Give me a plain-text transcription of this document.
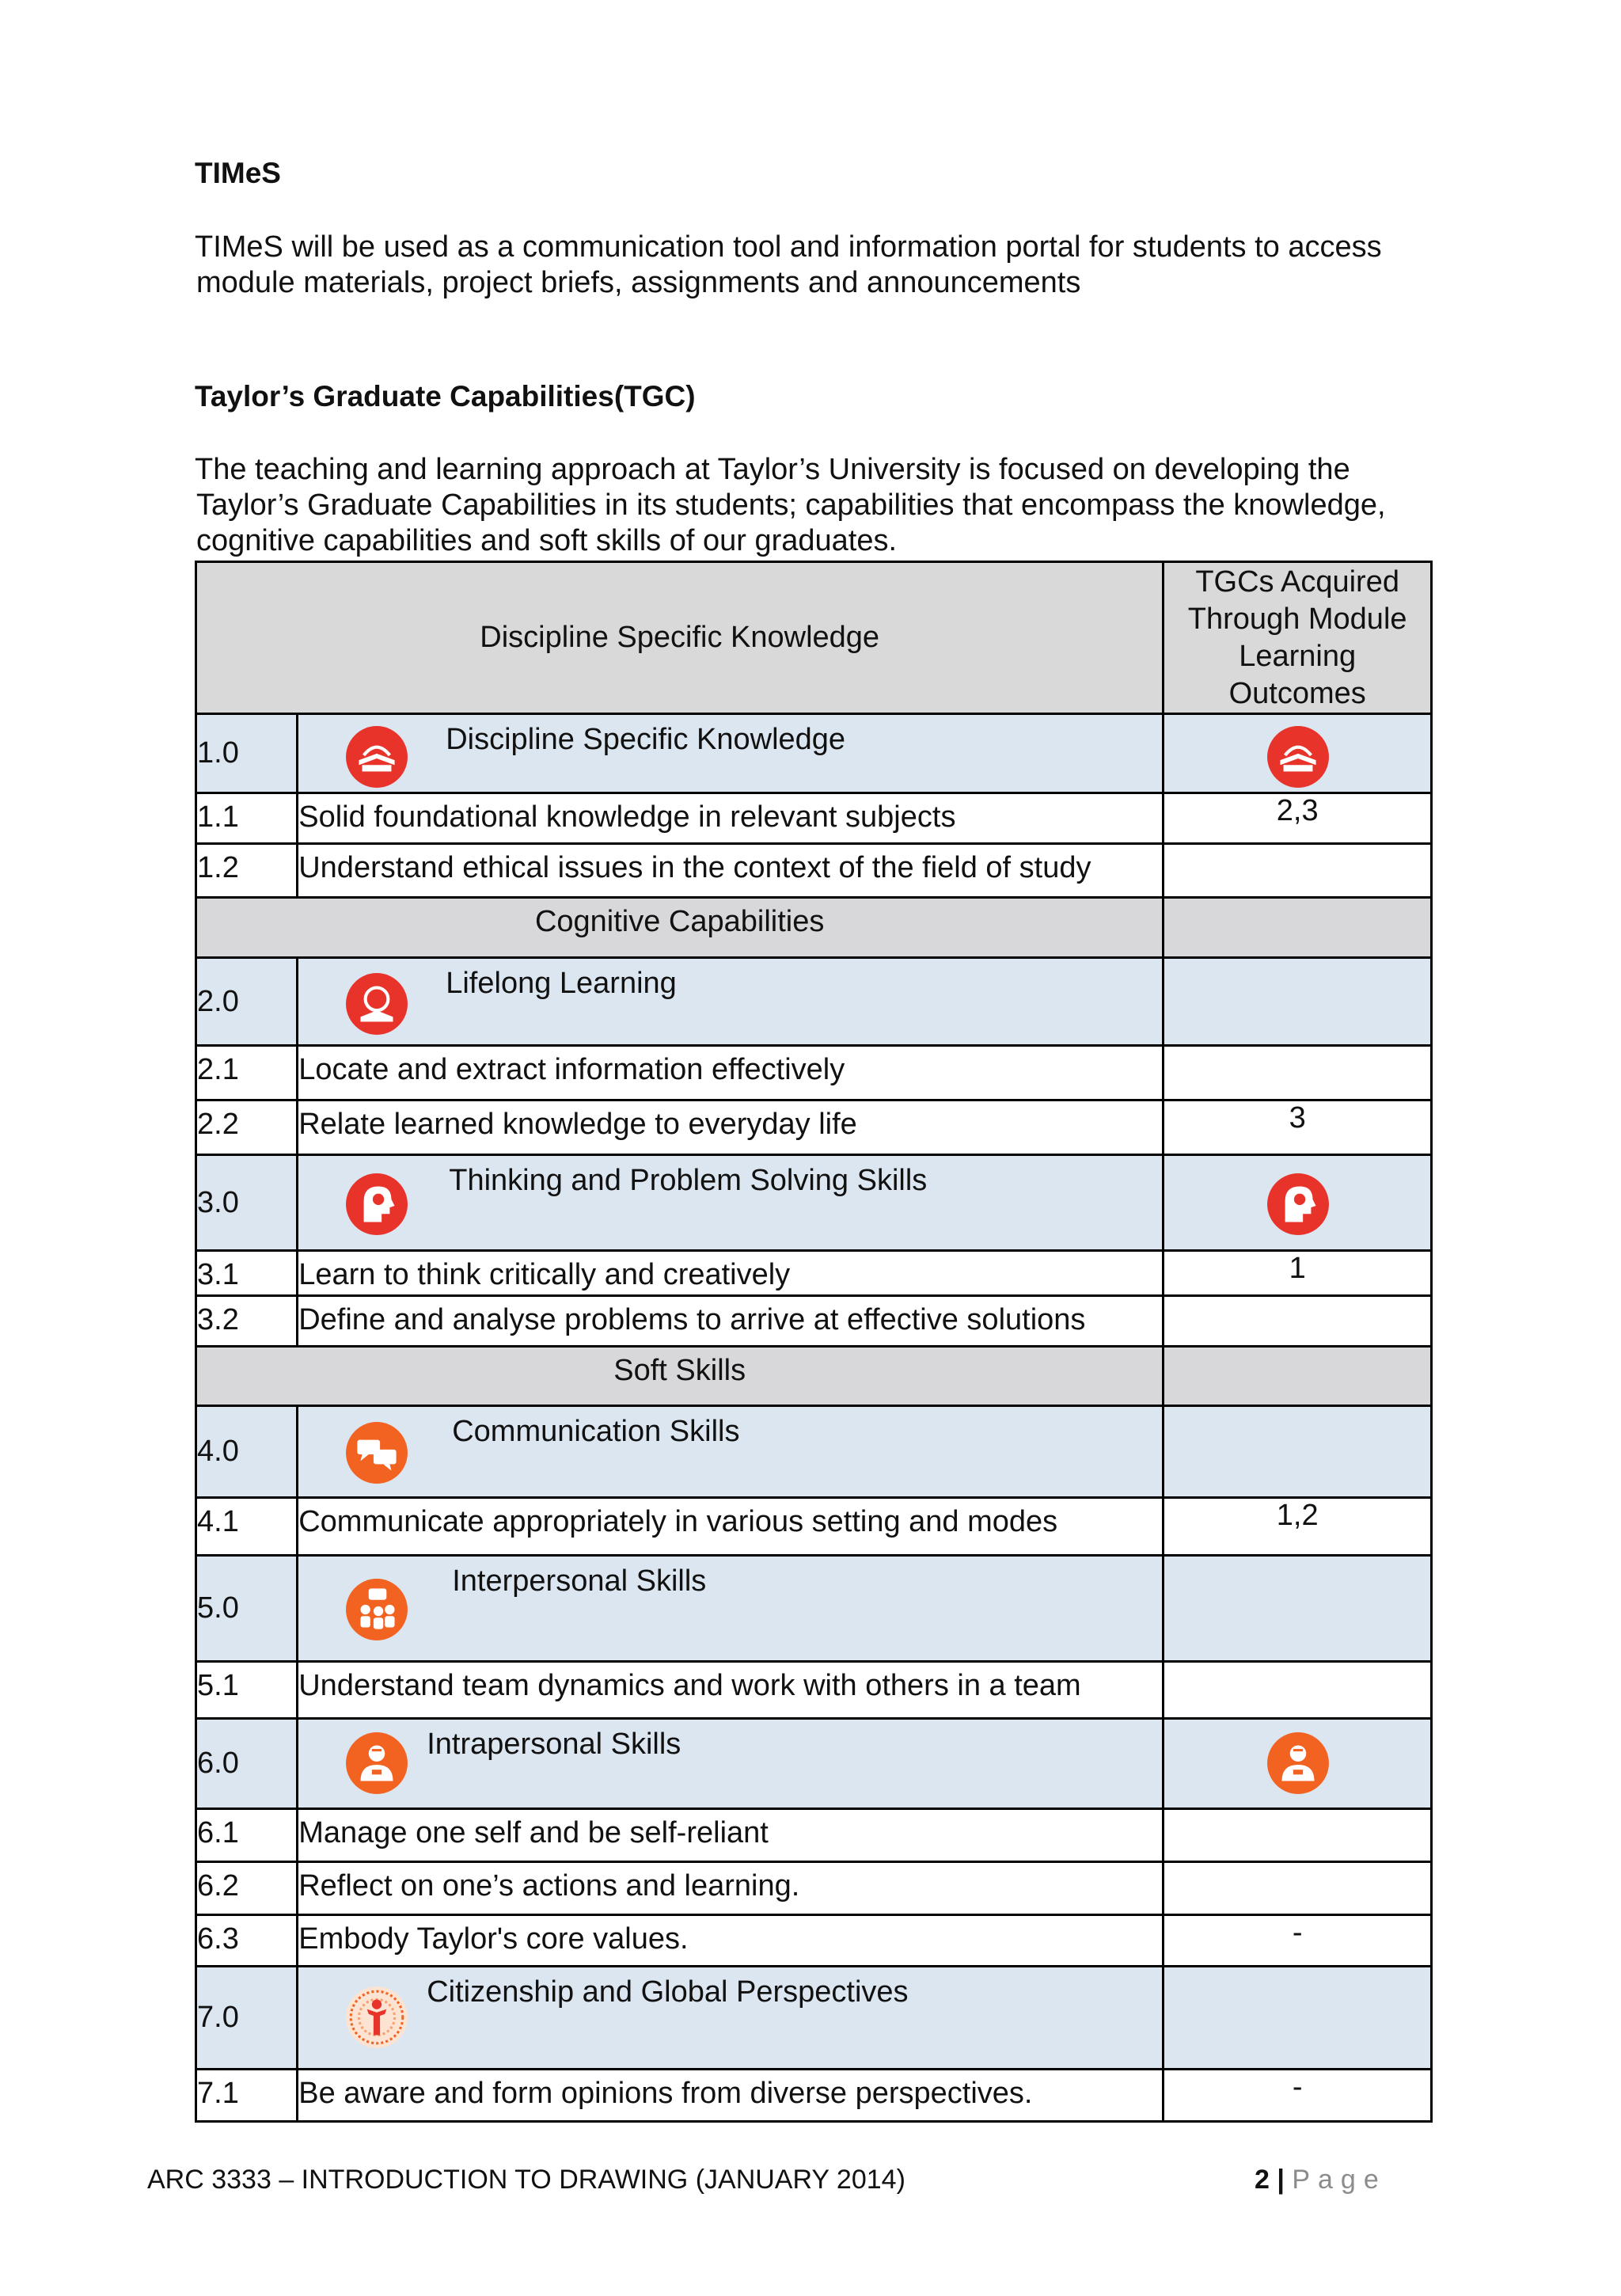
TIMeS
TIMeS will be used as a communication tool and information portal for students to access
module materials, project briefs, assignments and announcements
Taylor’s Graduate Capabilities(TGC)
The teaching and learning approach at Taylor’s University is focused on developing the
Taylor’s Graduate Capabilities in its students; capabilities that encompass the knowledge,
cognitive capabilities and soft skills of our graduates.
Discipline Specific Knowledge		TGCs Acquired
Through Module
Learning
Outcomes

1.0	Discipline Specific Knowledge

1.1	Solid foundational knowledge in relevant subjects	2,3
1.2	Understand ethical issues in the context of the field of study	
Cognitive Capabilities		
2.0	Lifelong Learning	

2.1	Locate and extract information effectively	
2.2	Relate learned knowledge to everyday life	3
3.0	Thinking and Problem Solving Skills

3.1	Learn to think critically and creatively	1
3.2	Define and analyse problems to arrive at effective solutions	
Soft Skills		
4.0	Communication Skills	

4.1	Communicate appropriately in various setting and modes	1,2
5.0	Interpersonal Skills	

5.1	Understand team dynamics and work with others in a team	
6.0	Intrapersonal Skills

6.1	Manage one self and be self-reliant	
6.2	Reflect on one’s actions and learning.	
6.3	Embody Taylor's core values.	-
7.0	Citizenship and Global Perspectives	

7.1	Be aware and form opinions from diverse perspectives.	-
ARC 3333 – INTRODUCTION TO DRAWING (JANUARY 2014)	2 | Page
